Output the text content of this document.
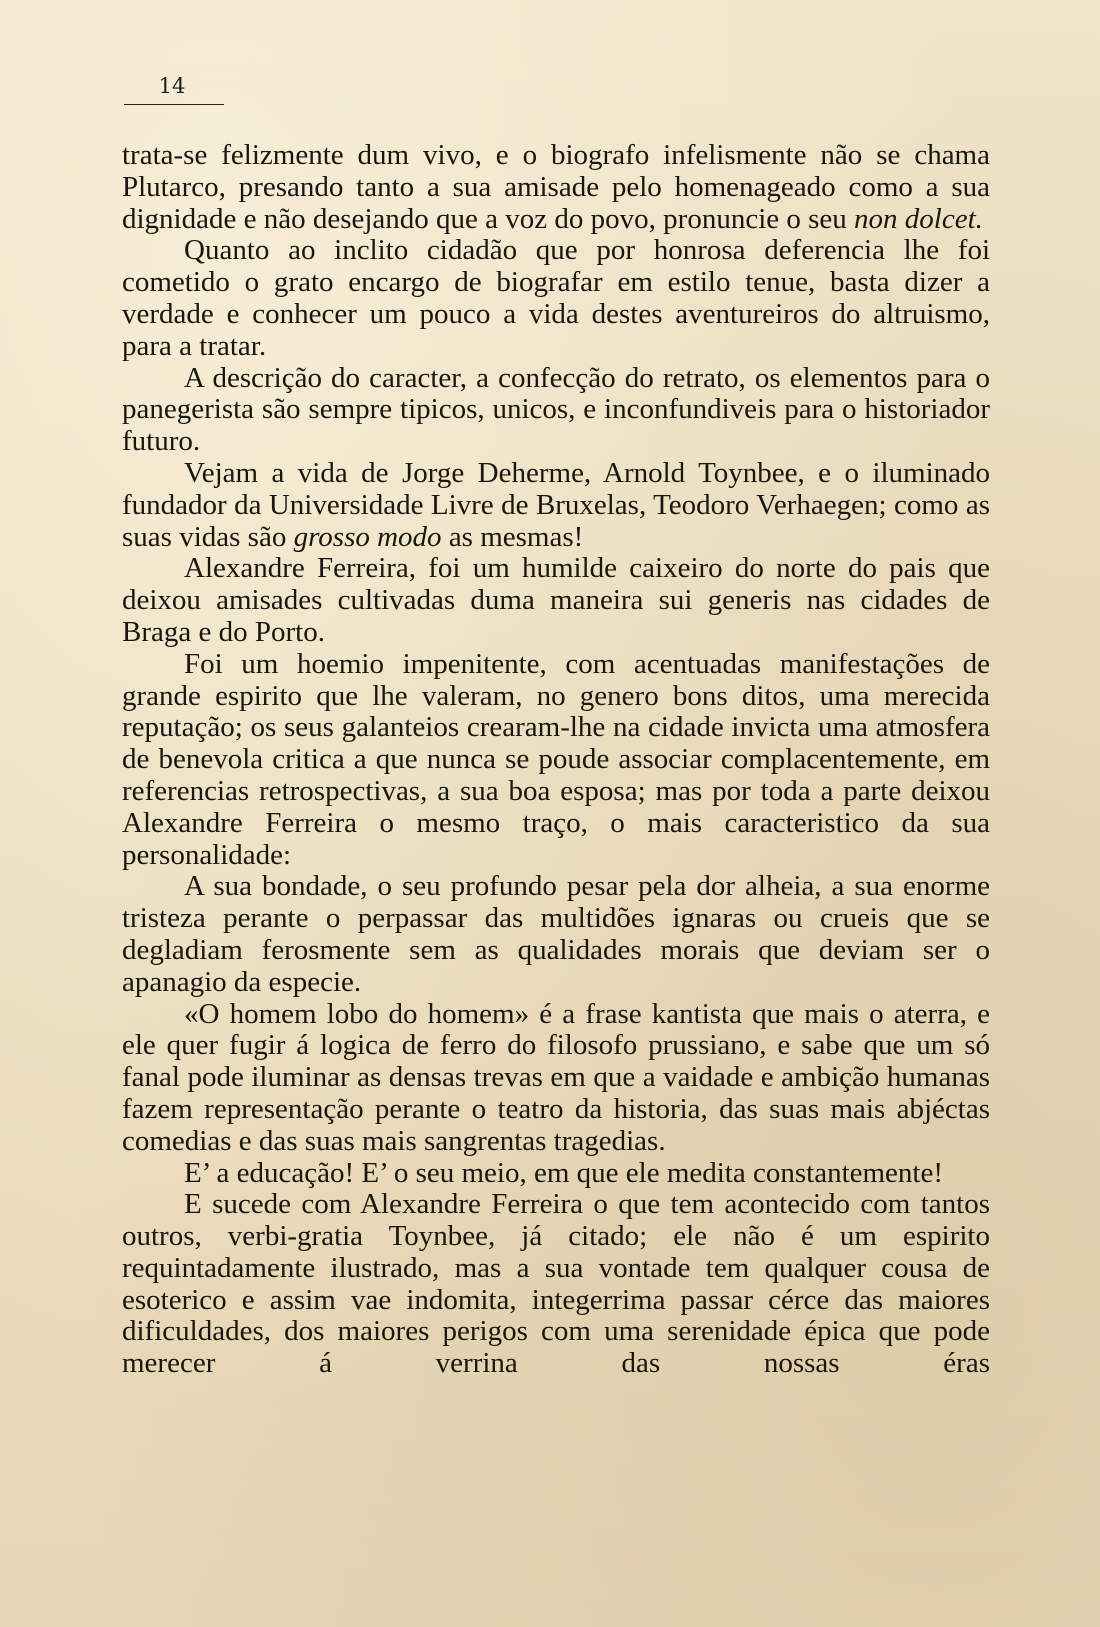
14

trata-se felizmente dum vivo, e o biografo infelismente não se chama Plutarco, presando tanto a sua amisade pelo homenageado como a sua dignidade e não desejando que a voz do povo, pronuncie o seu non dolcet.

Quanto ao inclito cidadão que por honrosa deferencia lhe foi cometido o grato encargo de biografar em estilo tenue, basta dizer a verdade e conhecer um pouco a vida destes aventureiros do altruismo, para a tratar.

A descrição do caracter, a confecção do retrato, os elementos para o panegerista são sempre tipicos, unicos, e inconfundiveis para o historiador futuro.

Vejam a vida de Jorge Deherme, Arnold Toynbee, e o iluminado fundador da Universidade Livre de Bruxelas, Teodoro Verhaegen; como as suas vidas são grosso modo as mesmas!

Alexandre Ferreira, foi um humilde caixeiro do norte do pais que deixou amisades cultivadas duma maneira sui generis nas cidades de Braga e do Porto.

Foi um hoemio impenitente, com acentuadas manifestações de grande espirito que lhe valeram, no genero bons ditos, uma merecida reputação; os seus galanteios crearam-lhe na cidade invicta uma atmosfera de benevola critica a que nunca se poude associar complacentemente, em referencias retrospectivas, a sua boa esposa; mas por toda a parte deixou Alexandre Ferreira o mesmo traço, o mais caracteristico da sua personalidade:

A sua bondade, o seu profundo pesar pela dor alheia, a sua enorme tristeza perante o perpassar das multidões ignaras ou crueis que se degladiam ferosmente sem as qualidades morais que deviam ser o apanagio da especie.

«O homem lobo do homem» é a frase kantista que mais o aterra, e ele quer fugir á logica de ferro do filosofo prussiano, e sabe que um só fanal pode iluminar as densas trevas em que a vaidade e ambição humanas fazem representação perante o teatro da historia, das suas mais abjéctas comedias e das suas mais sangrentas tragedias.

E’ a educação! E’ o seu meio, em que ele medita constantemente!

E sucede com Alexandre Ferreira o que tem acontecido com tantos outros, verbi-gratia Toynbee, já citado; ele não é um espirito requintadamente ilustrado, mas a sua vontade tem qualquer cousa de esoterico e assim vae indomita, integerrima passar cérce das maiores dificuldades, dos maiores perigos com uma serenidade épica que pode merecer á verrina das nossas éras
